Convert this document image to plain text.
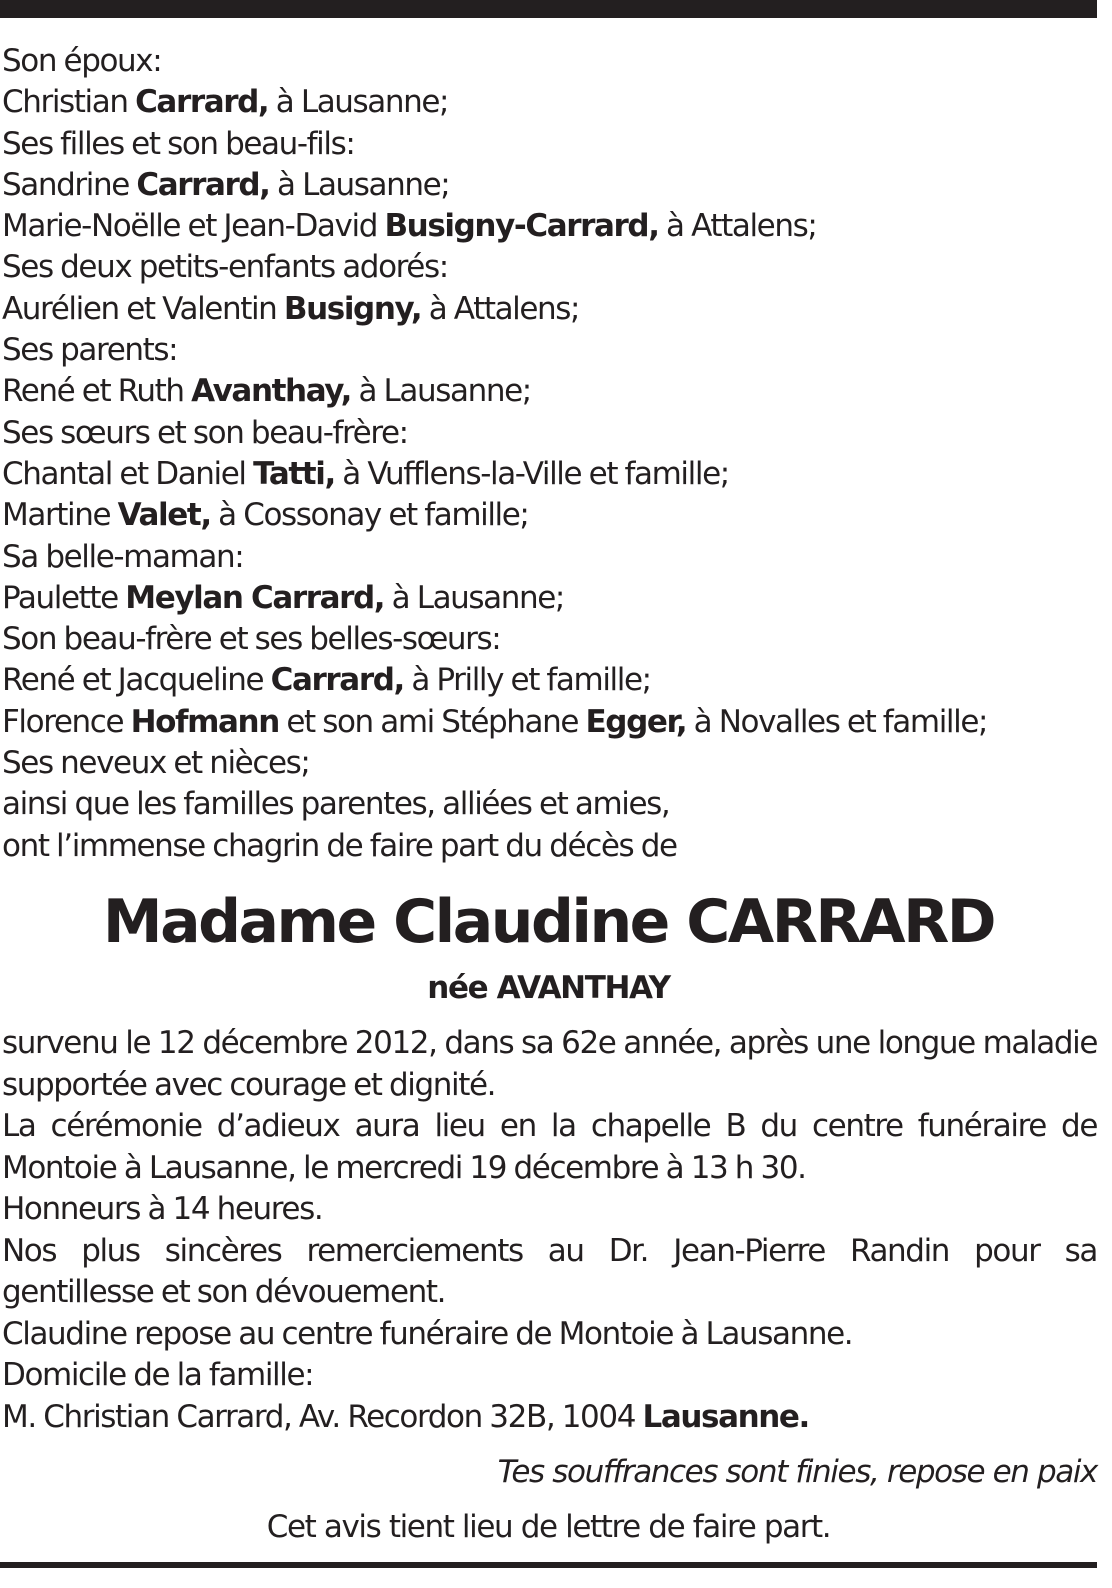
Son époux:
Christian Carrard, à Lausanne;
Ses filles et son beau-fils:
Sandrine Carrard, à Lausanne;
Marie-Noëlle et Jean-David Busigny-Carrard, à Attalens;
Ses deux petits-enfants adorés:
Aurélien et Valentin Busigny, à Attalens;
Ses parents:
René et Ruth Avanthay, à Lausanne;
Ses sœurs et son beau-frère:
Chantal et Daniel Tatti, à Vufflens-la-Ville et famille;
Martine Valet, à Cossonay et famille;
Sa belle-maman:
Paulette Meylan Carrard, à Lausanne;
Son beau-frère et ses belles-sœurs:
René et Jacqueline Carrard, à Prilly et famille;
Florence Hofmann et son ami Stéphane Egger, à Novalles et famille;
Ses neveux et nièces;
ainsi que les familles parentes, alliées et amies,
ont l’immense chagrin de faire part du décès de
Madame Claudine CARRARD
née AVANTHAY
survenu le 12 décembre 2012, dans sa 62e année, après une longue maladie supportée avec courage et dignité.
La cérémonie d’adieux aura lieu en la chapelle B du centre funéraire de Montoie à Lausanne, le mercredi 19 décembre à 13 h 30.
Honneurs à 14 heures.
Nos plus sincères remerciements au Dr. Jean-Pierre Randin pour sa gentillesse et son dévouement.
Claudine repose au centre funéraire de Montoie à Lausanne.
Domicile de la famille:
M. Christian Carrard, Av. Recordon 32B, 1004 Lausanne.
Tes souffrances sont finies, repose en paix
Cet avis tient lieu de lettre de faire part.
